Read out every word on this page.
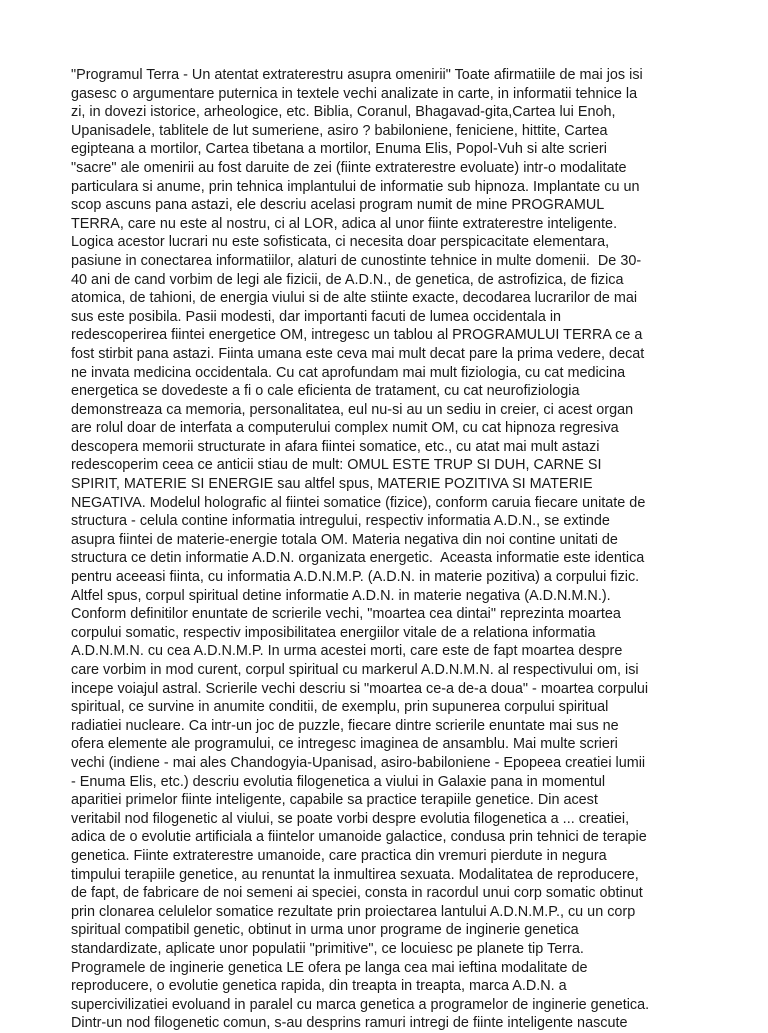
"Programul Terra - Un atentat extraterestru asupra omenirii" Toate afirmatiile de mai jos isi
gasesc o argumentare puternica in textele vechi analizate in carte, in informatii tehnice la
zi, in dovezi istorice, arheologice, etc. Biblia, Coranul, Bhagavad-gita,Cartea lui Enoh,
Upanisadele, tablitele de lut sumeriene, asiro ? babiloniene, feniciene, hittite, Cartea
egipteana a mortilor, Cartea tibetana a mortilor, Enuma Elis, Popol-Vuh si alte scrieri
"sacre" ale omenirii au fost daruite de zei (fiinte extraterestre evoluate) intr-o modalitate
particulara si anume, prin tehnica implantului de informatie sub hipnoza. Implantate cu un
scop ascuns pana astazi, ele descriu acelasi program numit de mine PROGRAMUL
TERRA, care nu este al nostru, ci al LOR, adica al unor fiinte extraterestre inteligente.
Logica acestor lucrari nu este sofisticata, ci necesita doar perspicacitate elementara,
pasiune in conectarea informatiilor, alaturi de cunostinte tehnice in multe domenii.  De 30-
40 ani de cand vorbim de legi ale fizicii, de A.D.N., de genetica, de astrofizica, de fizica
atomica, de tahioni, de energia viului si de alte stiinte exacte, decodarea lucrarilor de mai
sus este posibila. Pasii modesti, dar importanti facuti de lumea occidentala in
redescoperirea fiintei energetice OM, intregesc un tablou al PROGRAMULUI TERRA ce a
fost stirbit pana astazi. Fiinta umana este ceva mai mult decat pare la prima vedere, decat
ne invata medicina occidentala. Cu cat aprofundam mai mult fiziologia, cu cat medicina
energetica se dovedeste a fi o cale eficienta de tratament, cu cat neurofiziologia
demonstreaza ca memoria, personalitatea, eul nu-si au un sediu in creier, ci acest organ
are rolul doar de interfata a computerului complex numit OM, cu cat hipnoza regresiva
descopera memorii structurate in afara fiintei somatice, etc., cu atat mai mult astazi
redescoperim ceea ce anticii stiau de mult: OMUL ESTE TRUP SI DUH, CARNE SI
SPIRIT, MATERIE SI ENERGIE sau altfel spus, MATERIE POZITIVA SI MATERIE
NEGATIVA. Modelul holografic al fiintei somatice (fizice), conform caruia fiecare unitate de
structura - celula contine informatia intregului, respectiv informatia A.D.N., se extinde
asupra fiintei de materie-energie totala OM. Materia negativa din noi contine unitati de
structura ce detin informatie A.D.N. organizata energetic.  Aceasta informatie este identica
pentru aceeasi fiinta, cu informatia A.D.N.M.P. (A.D.N. in materie pozitiva) a corpului fizic.
Altfel spus, corpul spiritual detine informatie A.D.N. in materie negativa (A.D.N.M.N.).
Conform definitilor enuntate de scrierile vechi, "moartea cea dintai" reprezinta moartea
corpului somatic, respectiv imposibilitatea energiilor vitale de a relationa informatia
A.D.N.M.N. cu cea A.D.N.M.P. In urma acestei morti, care este de fapt moartea despre
care vorbim in mod curent, corpul spiritual cu markerul A.D.N.M.N. al respectivului om, isi
incepe voiajul astral. Scrierile vechi descriu si "moartea ce-a de-a doua" - moartea corpului
spiritual, ce survine in anumite conditii, de exemplu, prin supunerea corpului spiritual
radiatiei nucleare. Ca intr-un joc de puzzle, fiecare dintre scrierile enuntate mai sus ne
ofera elemente ale programului, ce intregesc imaginea de ansamblu. Mai multe scrieri
vechi (indiene - mai ales Chandogyia-Upanisad, asiro-babiloniene - Epopeea creatiei lumii
- Enuma Elis, etc.) descriu evolutia filogenetica a viului in Galaxie pana in momentul
aparitiei primelor fiinte inteligente, capabile sa practice terapiile genetice. Din acest
veritabil nod filogenetic al viului, se poate vorbi despre evolutia filogenetica a ... creatiei,
adica de o evolutie artificiala a fiintelor umanoide galactice, condusa prin tehnici de terapie
genetica. Fiinte extraterestre umanoide, care practica din vremuri pierdute in negura
timpului terapiile genetice, au renuntat la inmultirea sexuata. Modalitatea de reproducere,
de fapt, de fabricare de noi semeni ai speciei, consta in racordul unui corp somatic obtinut
prin clonarea celulelor somatice rezultate prin proiectarea lantului A.D.N.M.P., cu un corp
spiritual compatibil genetic, obtinut in urma unor programe de inginerie genetica
standardizate, aplicate unor populatii "primitive", ce locuiesc pe planete tip Terra.
Programele de inginerie genetica LE ofera pe langa cea mai ieftina modalitate de
reproducere, o evolutie genetica rapida, din treapta in treapta, marca A.D.N. a
supercivilizatiei evoluand in paralel cu marca genetica a programelor de inginerie genetica.
Dintr-un nod filogenetic comun, s-au desprins ramuri intregi de fiinte inteligente nascute
